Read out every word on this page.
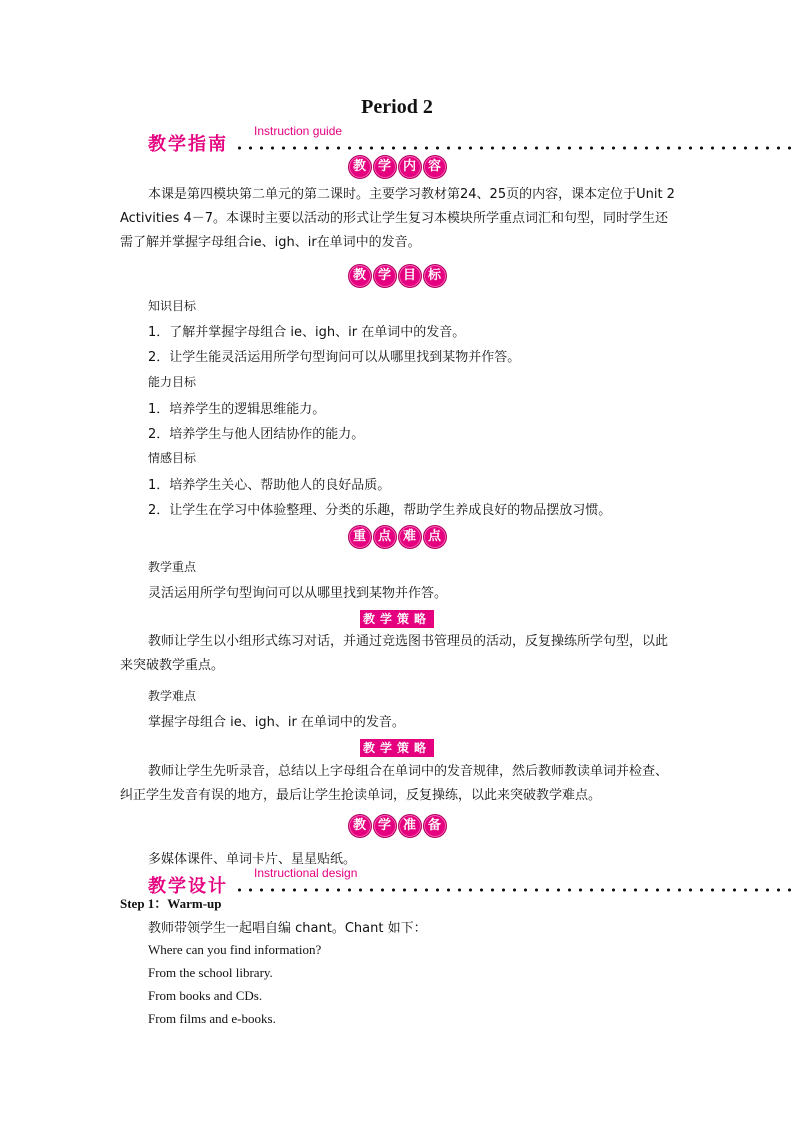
Period 2
教学指南
Instruction guide
教 学 内 容
本课是第四模块第二单元的第二课时。主要学习教材第24、25页的内容，课本定位于Unit 2 Activities 4－7。本课时主要以活动的形式让学生复习本模块所学重点词汇和句型，同时学生还需了解并掌握字母组合ie、igh、ir在单词中的发音。
教 学 目 标
知识目标
1．了解并掌握字母组合 ie、igh、ir 在单词中的发音。
2．让学生能灵活运用所学句型询问可以从哪里找到某物并作答。
能力目标
1．培养学生的逻辑思维能力。
2．培养学生与他人团结协作的能力。
情感目标
1．培养学生关心、帮助他人的良好品质。
2．让学生在学习中体验整理、分类的乐趣，帮助学生养成良好的物品摆放习惯。
重 点 难 点
教学重点
灵活运用所学句型询问可以从哪里找到某物并作答。
教学策略
教师让学生以小组形式练习对话，并通过竞选图书管理员的活动，反复操练所学句型，以此来突破教学重点。
教学难点
掌握字母组合 ie、igh、ir 在单词中的发音。
教学策略
教师让学生先听录音，总结以上字母组合在单词中的发音规律，然后教师教读单词并检查、纠正学生发音有误的地方，最后让学生抢读单词，反复操练，以此来突破教学难点。
教 学 准 备
多媒体课件、单词卡片、星星贴纸。
教学设计
Instructional design
Step 1：Warm-up
教师带领学生一起唱自编 chant。Chant 如下：
Where can you find information?
From the school library.
From books and CDs.
From films and e-books.
